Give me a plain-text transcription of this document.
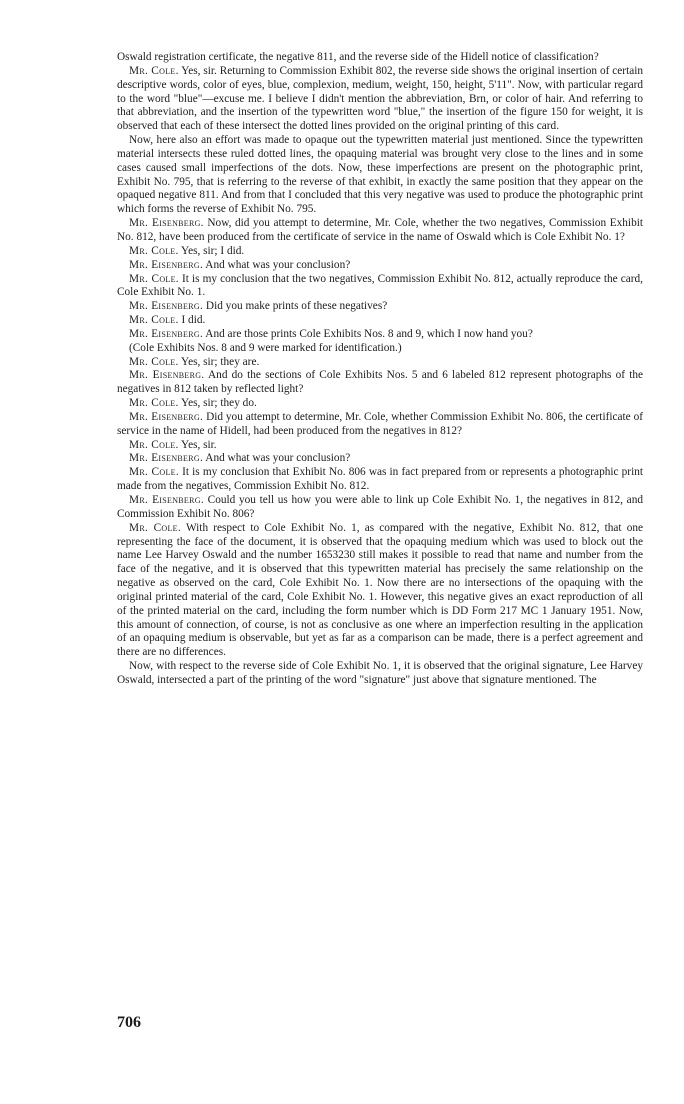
Oswald registration certificate, the negative 811, and the reverse side of the Hidell notice of classification?

Mr. Cole. Yes, sir. Returning to Commission Exhibit 802, the reverse side shows the original insertion of certain descriptive words, color of eyes, blue, complexion, medium, weight, 150, height, 5'11". Now, with particular regard to the word "blue"—excuse me. I believe I didn't mention the abbreviation, Brn, or color of hair. And referring to that abbreviation, and the insertion of the typewritten word "blue," the insertion of the figure 150 for weight, it is observed that each of these intersect the dotted lines provided on the original printing of this card.

Now, here also an effort was made to opaque out the typewritten material just mentioned. Since the typewritten material intersects these ruled dotted lines, the opaquing material was brought very close to the lines and in some cases caused small imperfections of the dots. Now, these imperfections are present on the photographic print, Exhibit No. 795, that is referring to the reverse of that exhibit, in exactly the same position that they appear on the opaqued negative 811. And from that I concluded that this very negative was used to produce the photographic print which forms the reverse of Exhibit No. 795.

Mr. Eisenberg. Now, did you attempt to determine, Mr. Cole, whether the two negatives, Commission Exhibit No. 812, have been produced from the certificate of service in the name of Oswald which is Cole Exhibit No. 1?

Mr. Cole. Yes, sir; I did.

Mr. Eisenberg. And what was your conclusion?

Mr. Cole. It is my conclusion that the two negatives, Commission Exhibit No. 812, actually reproduce the card, Cole Exhibit No. 1.

Mr. Eisenberg. Did you make prints of these negatives?

Mr. Cole. I did.

Mr. Eisenberg. And are those prints Cole Exhibits Nos. 8 and 9, which I now hand you?

(Cole Exhibits Nos. 8 and 9 were marked for identification.)

Mr. Cole. Yes, sir; they are.

Mr. Eisenberg. And do the sections of Cole Exhibits Nos. 5 and 6 labeled 812 represent photographs of the negatives in 812 taken by reflected light?

Mr. Cole. Yes, sir; they do.

Mr. Eisenberg. Did you attempt to determine, Mr. Cole, whether Commission Exhibit No. 806, the certificate of service in the name of Hidell, had been produced from the negatives in 812?

Mr. Cole. Yes, sir.

Mr. Eisenberg. And what was your conclusion?

Mr. Cole. It is my conclusion that Exhibit No. 806 was in fact prepared from or represents a photographic print made from the negatives, Commission Exhibit No. 812.

Mr. Eisenberg. Could you tell us how you were able to link up Cole Exhibit No. 1, the negatives in 812, and Commission Exhibit No. 806?

Mr. Cole. With respect to Cole Exhibit No. 1, as compared with the negative, Exhibit No. 812, that one representing the face of the document, it is observed that the opaquing medium which was used to block out the name Lee Harvey Oswald and the number 1653230 still makes it possible to read that name and number from the face of the negative, and it is observed that this typewritten material has precisely the same relationship on the negative as observed on the card, Cole Exhibit No. 1. Now there are no intersections of the opaquing with the original printed material of the card, Cole Exhibit No. 1. However, this negative gives an exact reproduction of all of the printed material on the card, including the form number which is DD Form 217 MC 1 January 1951. Now, this amount of connection, of course, is not as conclusive as one where an imperfection resulting in the application of an opaquing medium is observable, but yet as far as a comparison can be made, there is a perfect agreement and there are no differences.

Now, with respect to the reverse side of Cole Exhibit No. 1, it is observed that the original signature, Lee Harvey Oswald, intersected a part of the printing of the word "signature" just above that signature mentioned. The

706
